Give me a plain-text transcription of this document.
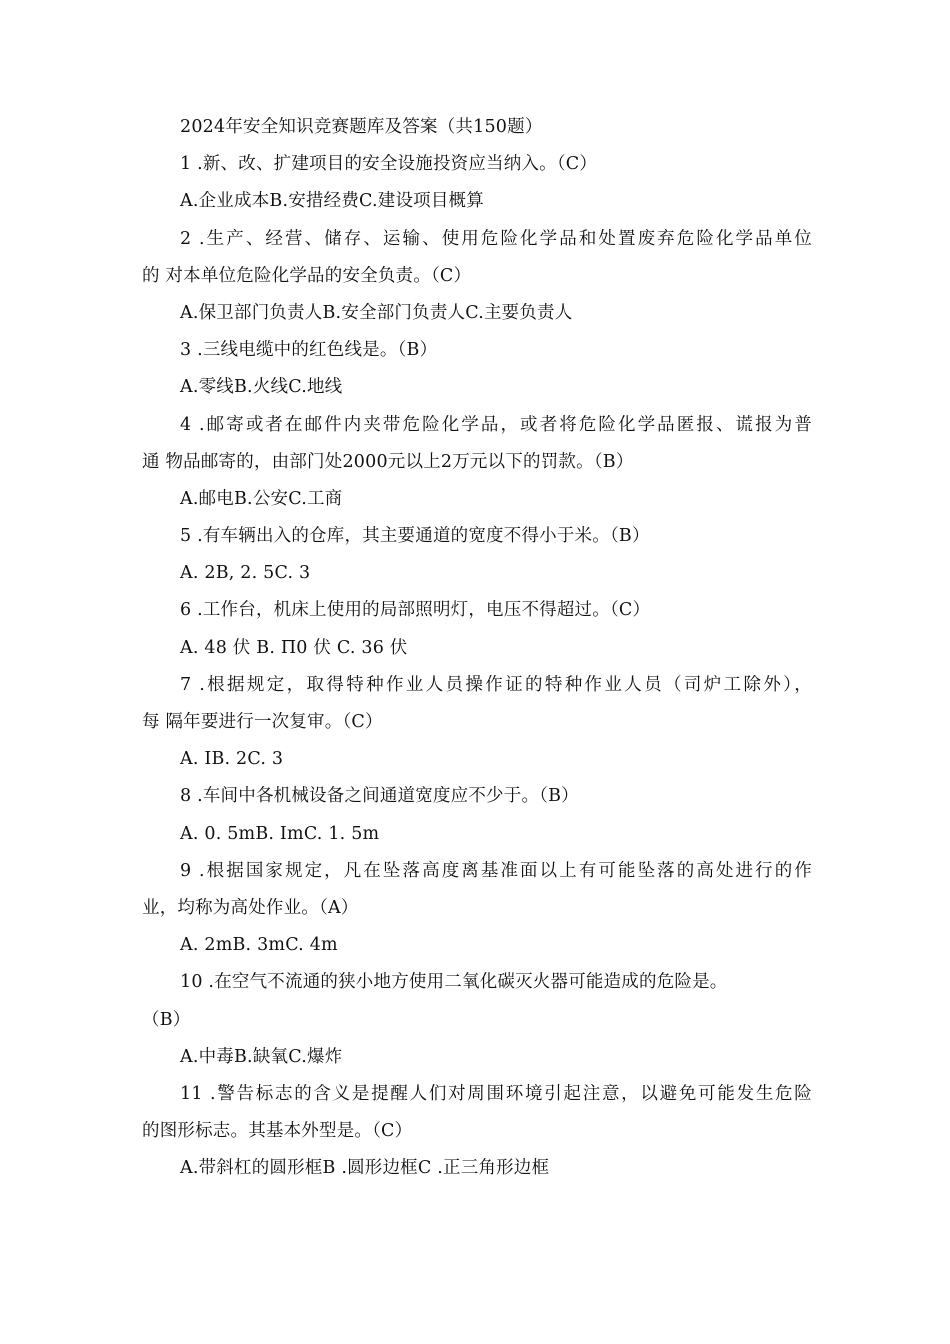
2024年安全知识竞赛题库及答案（共150题）
1 .新、改、扩建项目的安全设施投资应当纳入。（C）
A.企业成本B.安措经费C.建设项目概算
2 .生产、经营、储存、运输、使用危险化学品和处置废弃危险化学品单位
的 对本单位危险化学品的安全负责。（C）
A.保卫部门负责人B.安全部门负责人C.主要负责人
3 .三线电缆中的红色线是。（B）
A.零线B.火线C.地线
4 .邮寄或者在邮件内夹带危险化学品，或者将危险化学品匿报、谎报为普
通 物品邮寄的，由部门处2000元以上2万元以下的罚款。（B）
A.邮电B.公安C.工商
5 .有车辆出入的仓库，其主要通道的宽度不得小于米。（B）
A. 2B, 2. 5C. 3
6 .工作台，机床上使用的局部照明灯，电压不得超过。（C）
A. 48 伏 B. Π0 伏 C. 36 伏
7 .根据规定，取得特种作业人员操作证的特种作业人员（司炉工除外），
每 隔年要进行一次复审。（C）
A. IB. 2C. 3
8 .车间中各机械设备之间通道宽度应不少于。（B）
A. 0. 5mB. ImC. 1. 5m
9 .根据国家规定，凡在坠落高度离基准面以上有可能坠落的高处进行的作
业，均称为高处作业。（A）
A. 2mB. 3mC. 4m
10 .在空气不流通的狭小地方使用二氧化碳灭火器可能造成的危险是。
（B）
A.中毒B.缺氧C.爆炸
11 .警告标志的含义是提醒人们对周围环境引起注意，以避免可能发生危险
的图形标志。其基本外型是。（C）
A.带斜杠的圆形框B .圆形边框C .正三角形边框
